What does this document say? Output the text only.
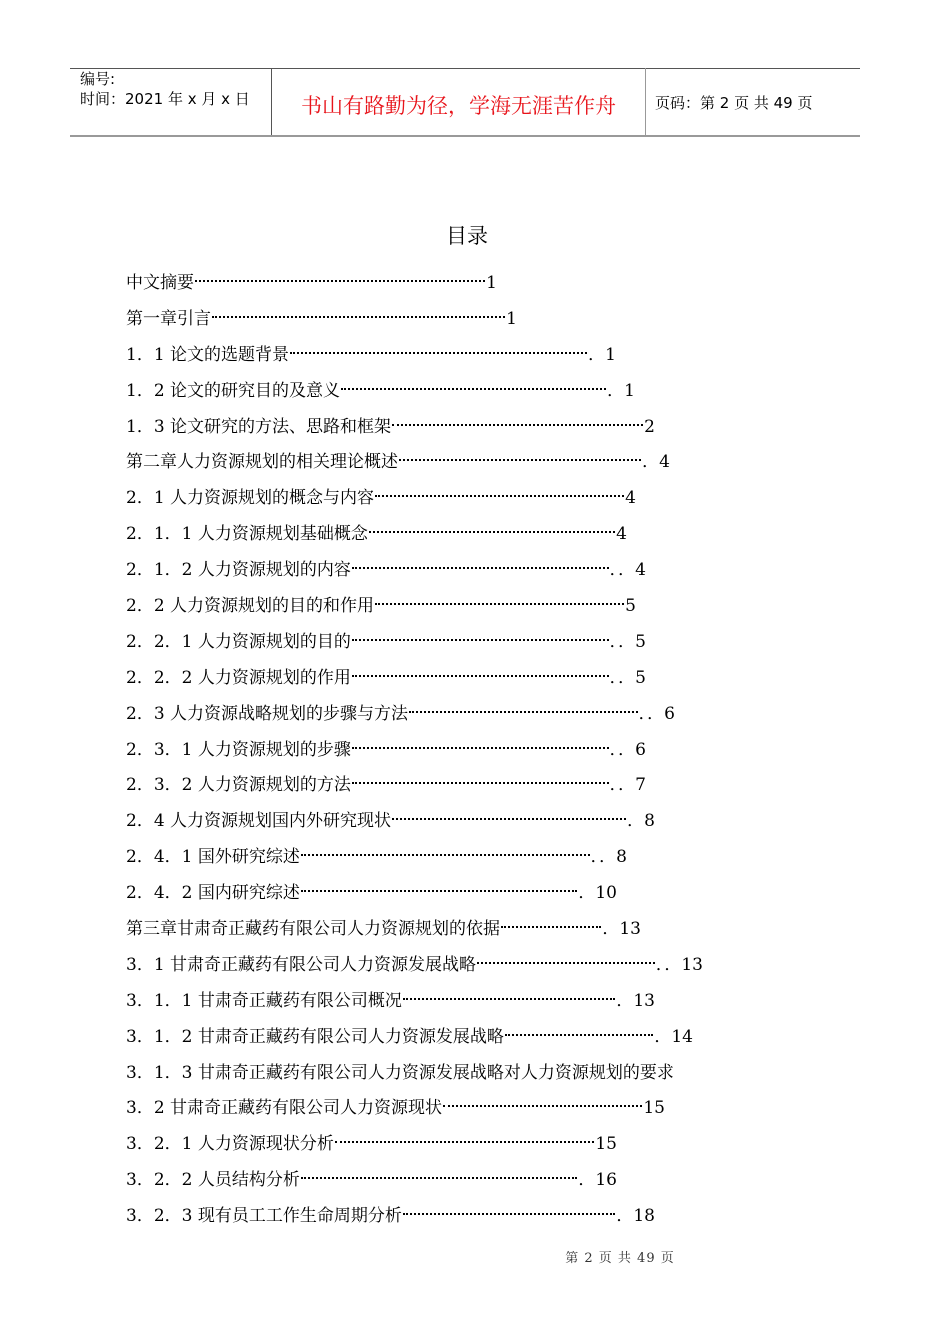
编号:
时间：2021 年 x 月 x 日	书山有路勤为径，学海无涯苦作舟	页码：第 2 页 共 49 页
目录
中文摘要	1
第一章引言	1
1．1 论文的选题背景	．1
1．2 论文的研究目的及意义	．1
1．3 论文研究的方法、思路和框架	2
第二章人力资源规划的相关理论概述	．4
2．1 人力资源规划的概念与内容	4
2．1．1 人力资源规划基础概念	4
2．1．2 人力资源规划的内容	．．4
2．2 人力资源规划的目的和作用	5
2．2．1 人力资源规划的目的	．．5
2．2．2 人力资源规划的作用	．．5
2．3 人力资源战略规划的步骤与方法	．．6
2．3．1 人力资源规划的步骤	．．6
2．3．2 人力资源规划的方法	．．7
2．4 人力资源规划国内外研究现状	．8
2．4．1 国外研究综述	．．8
2．4．2 国内研究综述	．10
第三章甘肃奇正藏药有限公司人力资源规划的依据	．13
3．1 甘肃奇正藏药有限公司人力资源发展战略	．．13
3．1．1 甘肃奇正藏药有限公司概况	．13
3．1．2 甘肃奇正藏药有限公司人力资源发展战略	．14
3．1．3 甘肃奇正藏药有限公司人力资源发展战略对人力资源规划的要求
3．2 甘肃奇正藏药有限公司人力资源现状	15
3．2．1 人力资源现状分析	15
3．2．2 人员结构分析	．16
3．2．3 现有员工工作生命周期分析	．18
第 2 页 共 49 页
